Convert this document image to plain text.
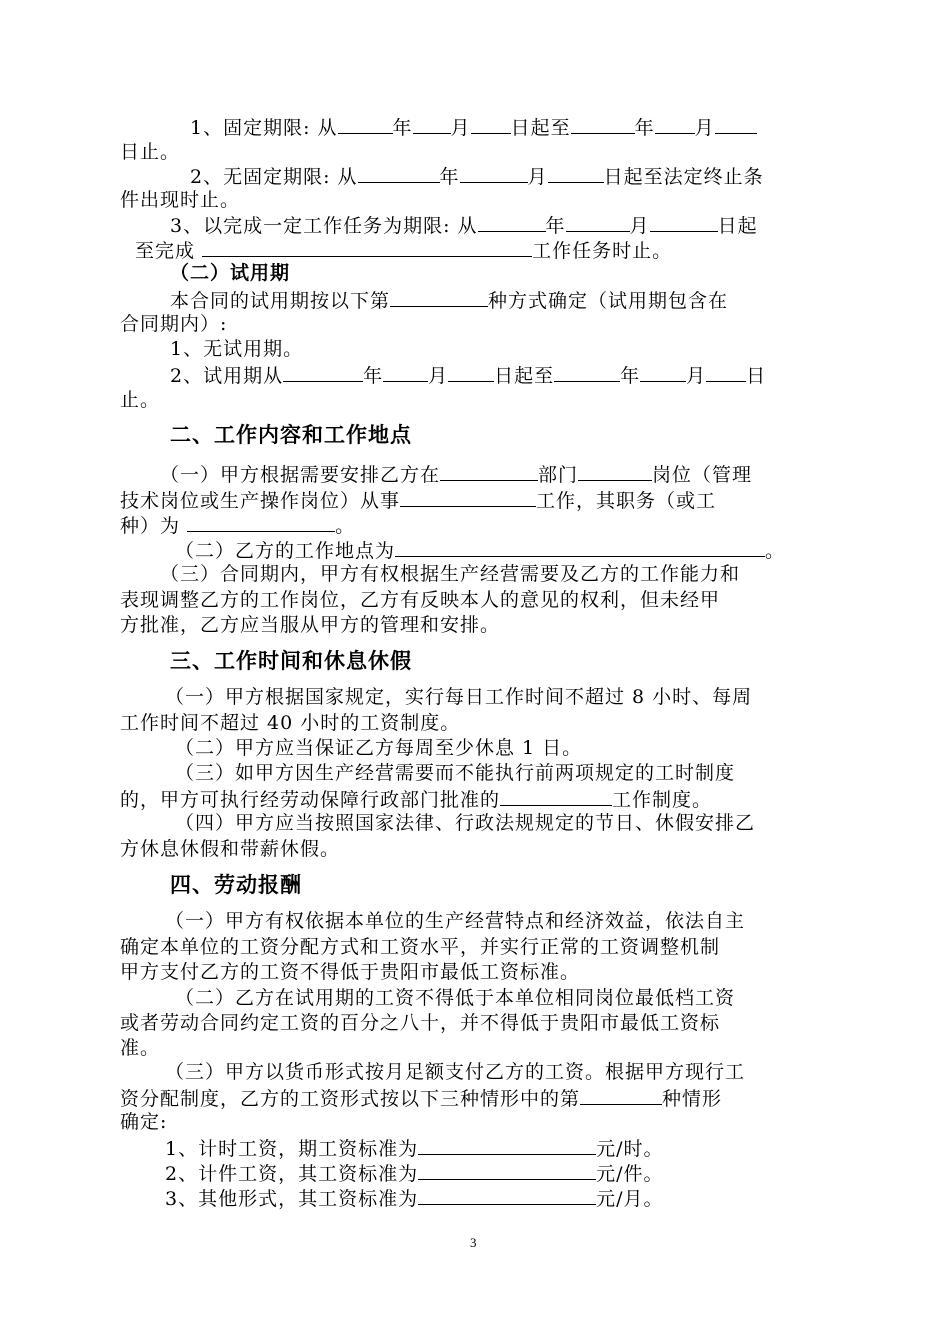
1、固定期限: 从	年 月 日起至	年 月
日止。
2、无固定期限: 从	年	月	日起至法定终止条
件出现时止。
3、以完成一定工作任务为期限: 从	年	月	日起
至完成	工作任务时止。
（二）试用期
本合同的试用期按以下第	种方式确定（试用期包含在
合同期内）:
1、无试用期。
2、试用期从	年 月 日起至	年 月 日
止。
二、工作内容和工作地点
（一）甲方根据需要安排乙方在	部门	岗位（管理
技术岗位或生产操作岗位）从事	工作，其职务（或工
种）为	。
（二）乙方的工作地点为	。
（三）合同期内，甲方有权根据生产经营需要及乙方的工作能力和
表现调整乙方的工作岗位，乙方有反映本人的意见的权利，但未经甲
方批准，乙方应当服从甲方的管理和安排。
三、工作时间和休息休假
（一）甲方根据国家规定，实行每日工作时间不超过 8 小时、每周
工作时间不超过 40 小时的工资制度。
（二）甲方应当保证乙方每周至少休息 1 日。
（三）如甲方因生产经营需要而不能执行前两项规定的工时制度
的，甲方可执行经劳动保障行政部门批准的	工作制度。
（四）甲方应当按照国家法律、行政法规规定的节日、休假安排乙
方休息休假和带薪休假。
四、劳动报酬
（一）甲方有权依据本单位的生产经营特点和经济效益，依法自主
确定本单位的工资分配方式和工资水平，并实行正常的工资调整机制
甲方支付乙方的工资不得低于贵阳市最低工资标准。
（二）乙方在试用期的工资不得低于本单位相同岗位最低档工资
或者劳动合同约定工资的百分之八十，并不得低于贵阳市最低工资标
准。
（三）甲方以货币形式按月足额支付乙方的工资。根据甲方现行工
资分配制度，乙方的工资形式按以下三种情形中的第	种情形
确定:
1、计时工资，期工资标准为	元/时。
2、计件工资，其工资标准为	元/件。
3、其他形式，其工资标准为	元/月。
3
